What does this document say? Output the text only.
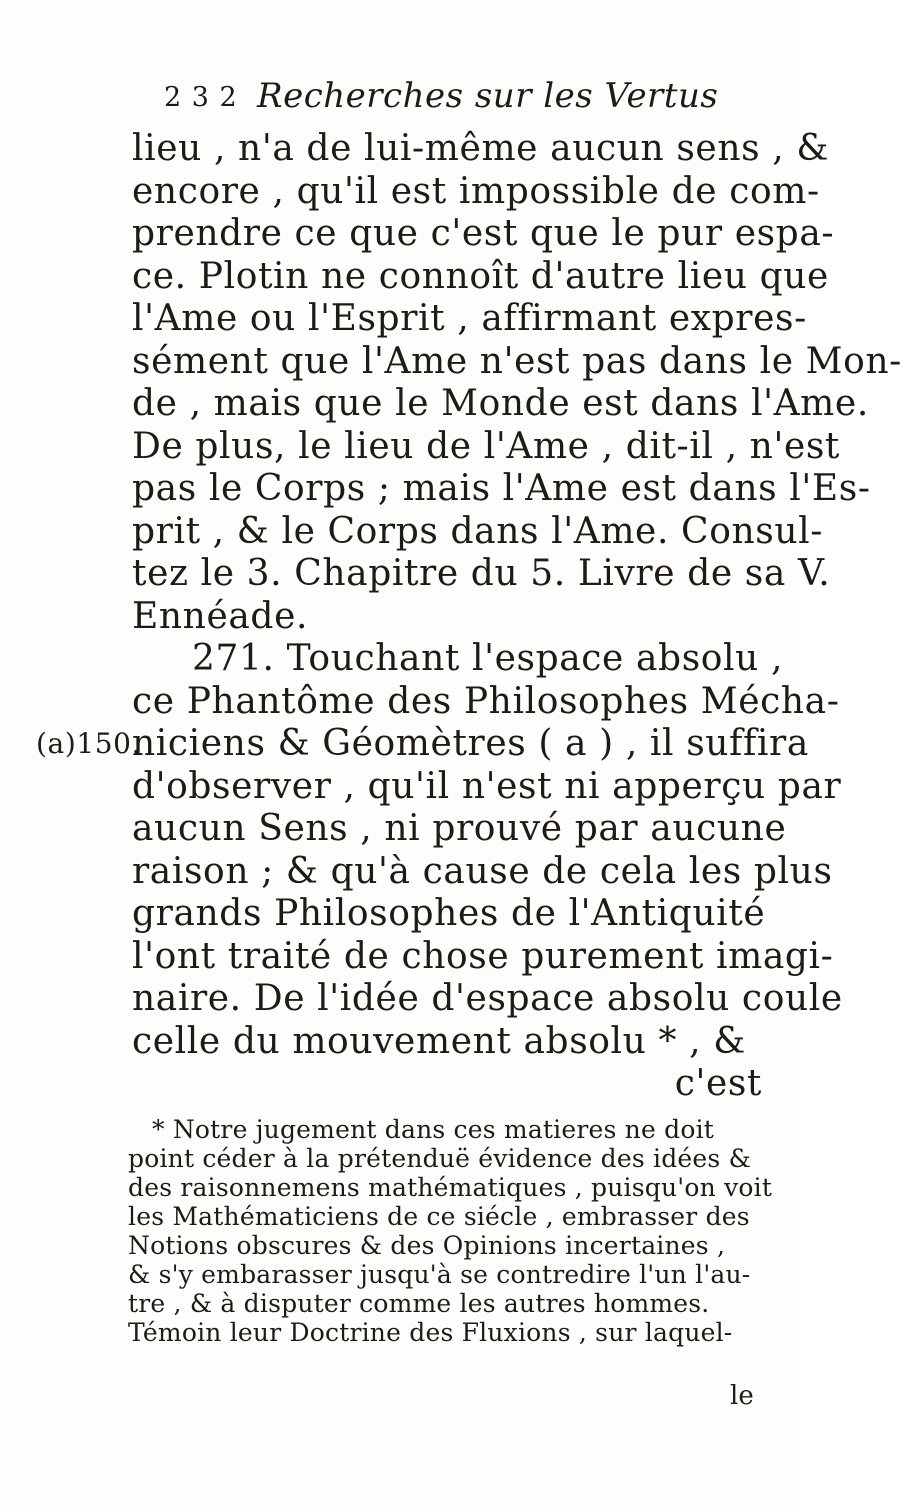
2 3 2 Recherches sur les Vertus
lieu , n'a de lui-même aucun sens , &
encore , qu'il est impossible de com-
prendre ce que c'est que le pur espa-
ce. Plotin ne connoît d'autre lieu que
l'Ame ou l'Esprit , affirmant expres-
sément que l'Ame n'est pas dans le Mon-
de , mais que le Monde est dans l'Ame.
De plus, le lieu de l'Ame , dit-il , n'est
pas le Corps ; mais l'Ame est dans l'Es-
prit , & le Corps dans l'Ame. Consul-
tez le 3. Chapitre du 5. Livre de sa V.
Ennéade.
271. Touchant l'espace absolu ,
ce Phantôme des Philosophes Mécha-
(a)150.
niciens & Géomètres ( a ) , il suffira
d'observer , qu'il n'est ni apperçu par
aucun Sens , ni prouvé par aucune
raison ; & qu'à cause de cela les plus
grands Philosophes de l'Antiquité
l'ont traité de chose purement imagi-
naire. De l'idée d'espace absolu coule
celle du mouvement absolu * , &
c'est
* Notre jugement dans ces matieres ne doit
point céder à la prétenduë évidence des idées &
des raisonnemens mathématiques , puisqu'on voit
les Mathématiciens de ce siécle , embrasser des
Notions obscures & des Opinions incertaines ,
& s'y embarasser jusqu'à se contredire l'un l'au-
tre , & à disputer comme les autres hommes.
Témoin leur Doctrine des Fluxions , sur laquel-
le
